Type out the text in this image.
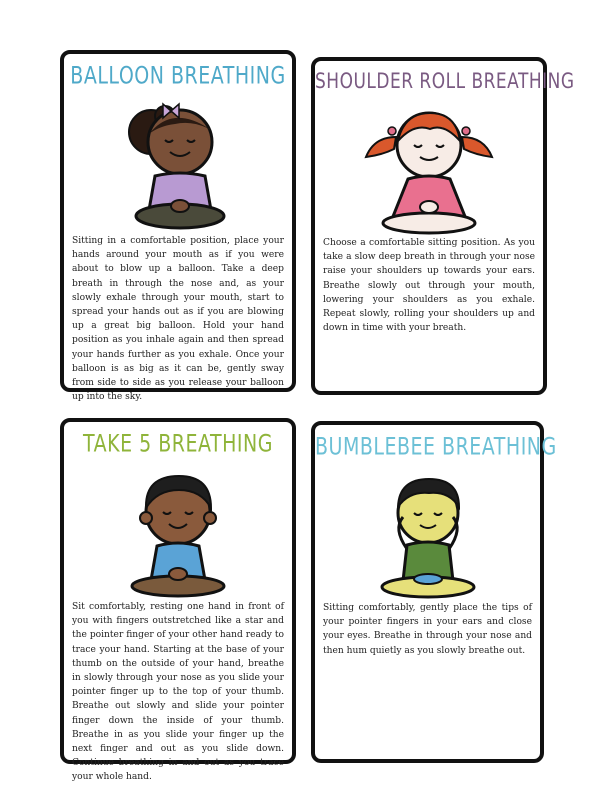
BALLOON BREATHING
Sitting in a comfortable position, place your hands around your mouth as if you were about to blow up a balloon. Take a deep breath in through the nose and, as your slowly exhale through your mouth, start to spread your hands out as if you are blowing up a great big balloon. Hold your hand position as you inhale again and then spread your hands further as you exhale. Once your balloon is as big as it can be, gently sway from side to side as you release your balloon up into the sky.
SHOULDER ROLL BREATHING
Choose a comfortable sitting position. As you take a slow deep breath in through your nose raise your shoulders up towards your ears. Breathe slowly out through your mouth, lowering your shoulders as you exhale. Repeat slowly, rolling your shoulders up and down in time with your breath.
TAKE 5 BREATHING
Sit comfortably, resting one hand in front of you with fingers outstretched like a star and the pointer finger of your other hand ready to trace your hand. Starting at the base of your thumb on the outside of your hand, breathe in slowly through your nose as you slide your pointer finger up to the top of your thumb. Breathe out slowly and slide your pointer finger down the inside of your thumb. Breathe in as you slide your finger up the next finger and out as you slide down. Continue breathing in and out as you trace your whole hand.
BUMBLEBEE BREATHING
Sitting comfortably, gently place the tips of your pointer fingers in your ears and close your eyes. Breathe in through your nose and then hum quietly as you slowly breathe out.
